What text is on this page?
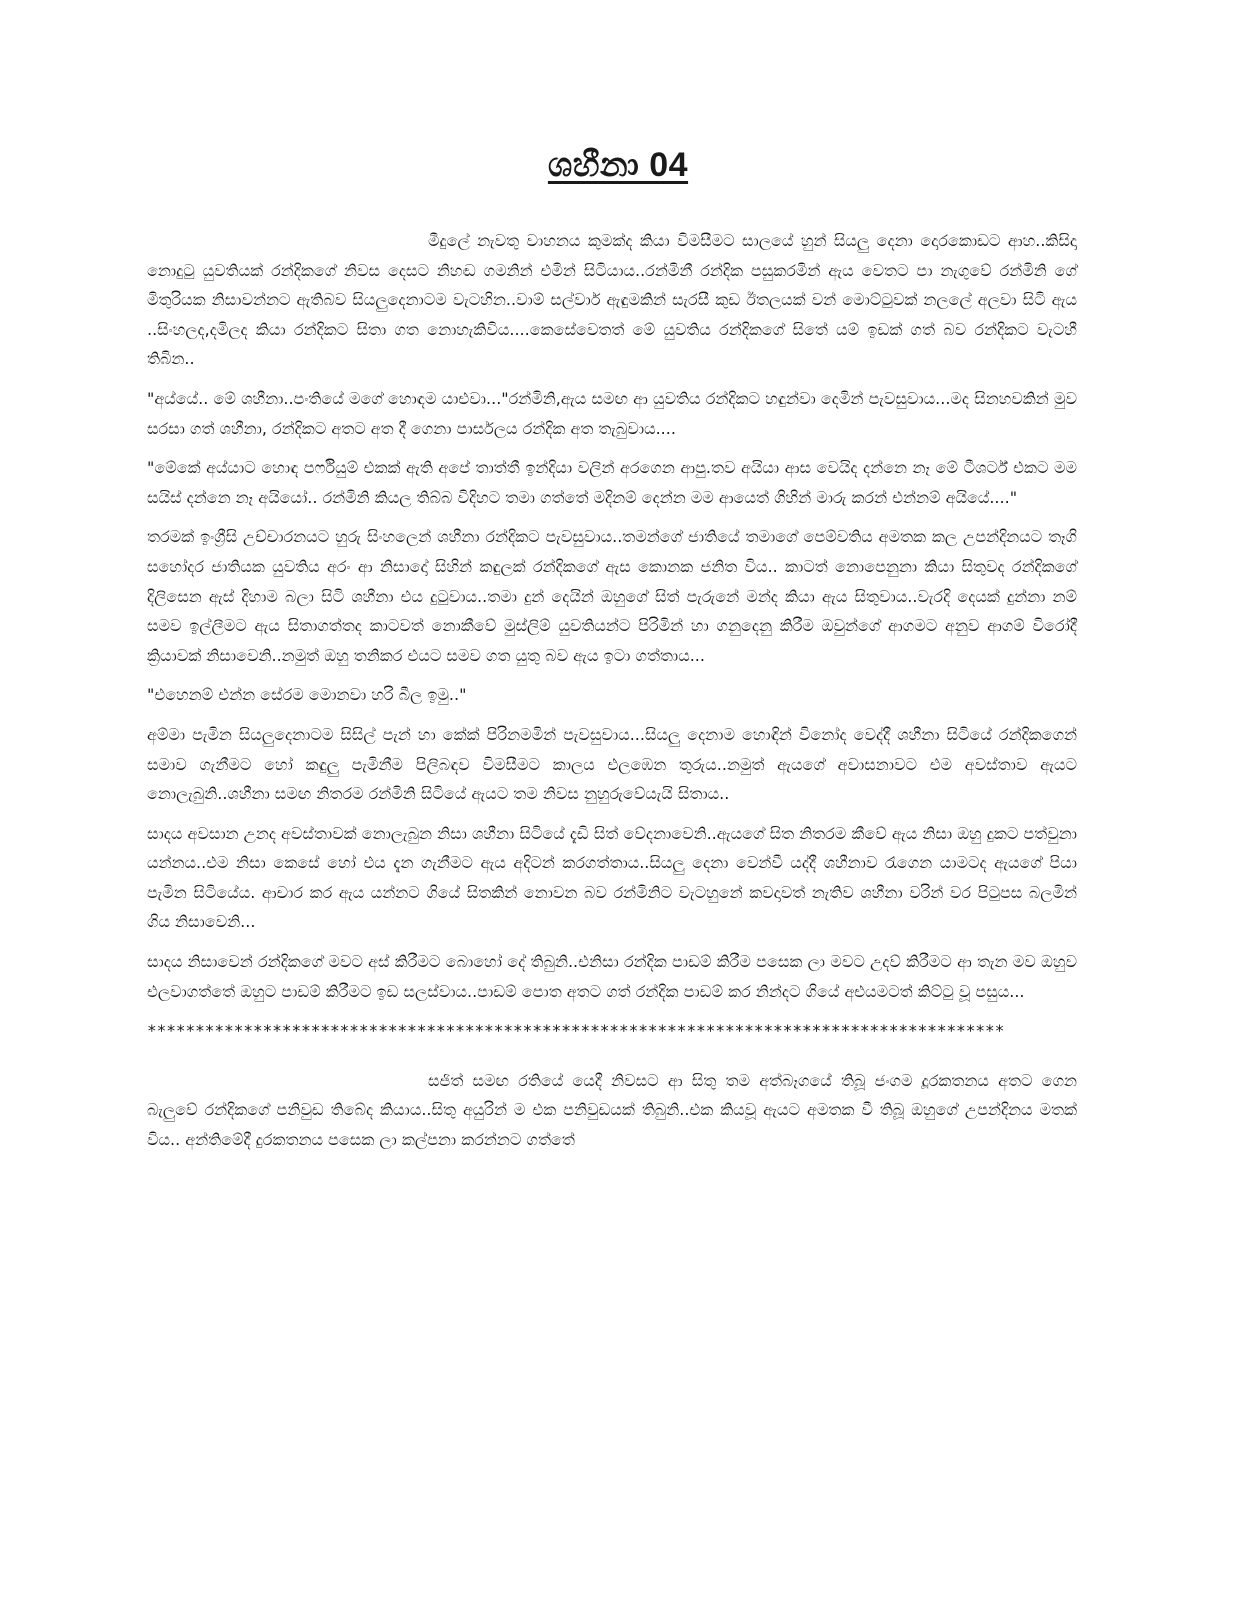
ශහීනා 04

මීදුලේ නැවතු වාහනය කුමක්ද කියා විමසීමට සාලයේ හුන් සියලු දෙනා දොරකොඩට ආහ..කිසිදා නොදුටු යුවතියක් රන්දිකගේ නිවස දෙසට නිහඬ ගමනින් එමින් සිටියාය..රන්මිනී රන්දික පසුකරමින් ඇය වෙතට පා නැගුවේ රන්මිනි ගේ මිතුරියක නිසාවන්නට ඇතිබව සියලුදෙනාටම වැටහින..වාම් සල්වාර් ඇඳුමකින් සැරසී කුඩ ඊතලයක් වන් මොට්ටුවක් නලලේ අලවා සිටි ඇය ..සිංහලද,දමිලද කියා රන්දිකට සිතා ගත නොහැකිවිය....කෙසේවෙතත් මේ යුවතිය රන්දිකගේ සිතේ යම් ඉඩක් ගත් බව රන්දිකට වැටහී තිබින..

"අය්යේ.. මේ ශහීනා..පංතියේ මගේ හොඳම යාළුවා..."රන්මිනි,ඇය සමඟ ආ යුවතිය රන්දිකට හඳුන්වා දෙමින් පැවසුවාය...මද සිනහවකින් මුව සරසා ගත් ශහීනා, රන්දිකට අතට අත දී ගෙනා පාර්සලය රන්දික අත තැබුවාය....

"මේකේ අය්යාට හොඳ පර්ෆියුම් එකක් ඇති අපේ තාත්තී ඉන්දියා වලින් අරගෙන ආපු.තව අයියා ආස වෙයිද දන්නෙ නෑ මේ ටීශර්ට් එකට මම සයිස් දන්නෙ නෑ අයියෝ.. රන්මිනි කියල තිබ්බ විදිහට තමා ගත්තේ මදිනම් දෙන්න මම ආයෙත් ගිහින් මාරු කරන් එන්නම් අයියේ...."

තරමක් ඉංග්‍රීසි උච්චාරනයට හුරු සිංහලෙන් ශහීනා රන්දිකට පැවසුවාය..තමන්ගේ ජාතියේ තමාගේ පෙම්වතිය අමතක කල උපන්දිනයට තෑගි සහෝදර ජාතියක යුවතිය අරං ආ නිසාදෝ සිහින් කඳුලක් රන්දිකගේ ඇස කොනක ජනිත විය.. කාටත් නොපෙනුනා කියා සිතුවද රන්දිකගේ දිලිසෙන ඇස් දිහාම බලා සිටි ශහීනා එය දුටුවාය..තමා දුන් දෙයින් ඔහුගේ සිත් පැරුනේ මන්ද කියා ඇය සිතුවාය..වැරදි දෙයක් දුන්නා නම් සමව ඉල්ලීමට ඇය සිතාගත්තද කාටවත් නොකීවේ මුස්ලිම් යුවතියන්ට පිරිමින් හා ගනුදෙනු කිරීම ඔවුන්ගේ ආගමට අනුව ආගම් විරෝදී ක්‍රියාවක් නිසාවෙනි..නමුත් ඔහු තනිකර එයට සමව ගත යුතු බව ඇය ඉටා ගත්තාය...

"එහෙනම් එන්න සේරම මොනවා හරි බීල ඉමු.."

අම්මා පැමින සියලුදෙනාටම සිසිල් පැන් හා කේක් පිරිනමමින් පැවසුවාය...සියලු දෙනාම හොඳින් විනෝද වෙද්දී ශහීනා සිටියේ රන්දිකගෙන් සමාව ගැනීමට හෝ කඳුලු පැමිනීම පිලිබඳව විමසීමට කාලය එලඹෙන තුරුය..නමුත් ඇයගේ අවාසනාවට එම අවස්තාව ඇයට නොලැබුනි..ශහීනා සමඟ නිතරම රන්මිනි සිටියේ ඇයට තම නිවස නුහුරුවේයැයි සිතාය..

සාදය අවසාන උනද අවස්තාවක් නොලැබුන නිසා ශහීනා සිටියේ දැඩි සිත් වේදනාවෙනි..ඇයගේ සිත නිතරම කීවේ ඇය නිසා ඔහු දුකට පත්වුනා යන්නය..එම නිසා කෙසේ හෝ එය දැන ගැනීමට ඇය අදිටන් කරගත්තාය..සියලු දෙනා වෙන්වී යද්දී ශහීනාව රැගෙන යාමටද ඇයගේ පියා පැමින සිටියේය. ආචාර කර ඇය යන්නට ගියේ සිතකින් නොවන බව රන්මිනිට වැටහුනේ කවදාවත් නැතිව ශහීනා වරින් වර පිටුපස බලමින් ගිය නිසාවෙනි...

සාදය නිසාවෙන් රන්දිකගේ මවට අස් කිරීමට බොහෝ දේ තිබුනි..එනිසා රන්දික පාඩම් කිරීම පසෙක ලා මවට උදව් කිරීමට ආ තැන මව ඔහුව එලවාගත්තේ ඔහුට පාඩම් කිරීමට ඉඩ සලස්වාය..පාඩම් පොත අතට ගත් රන්දික පාඩම් කර නින්දට ගියේ අළුයමටත් කිට්ටු වූ පසුය...

*****************************************************************************************

සජිත් සමඟ රතියේ යෙදී නිවසට ආ සිතු තම අත්බෑගයේ තිබූ ජංගම දූරකතනය අතට ගෙන බැලුවේ රන්දිකගේ පනිවුඩ තිබේද කියාය..සිතු අයුරින් ම එක පනිවුඩයක් තිබුනි..එක කියවූ ඇයට අමතක වී තිබූ ඔහුගේ උපන්දිනය මතක් විය.. අන්තිමේදී දුරකතනය පසෙක ලා කල්පනා කරන්නට ගත්තේ
